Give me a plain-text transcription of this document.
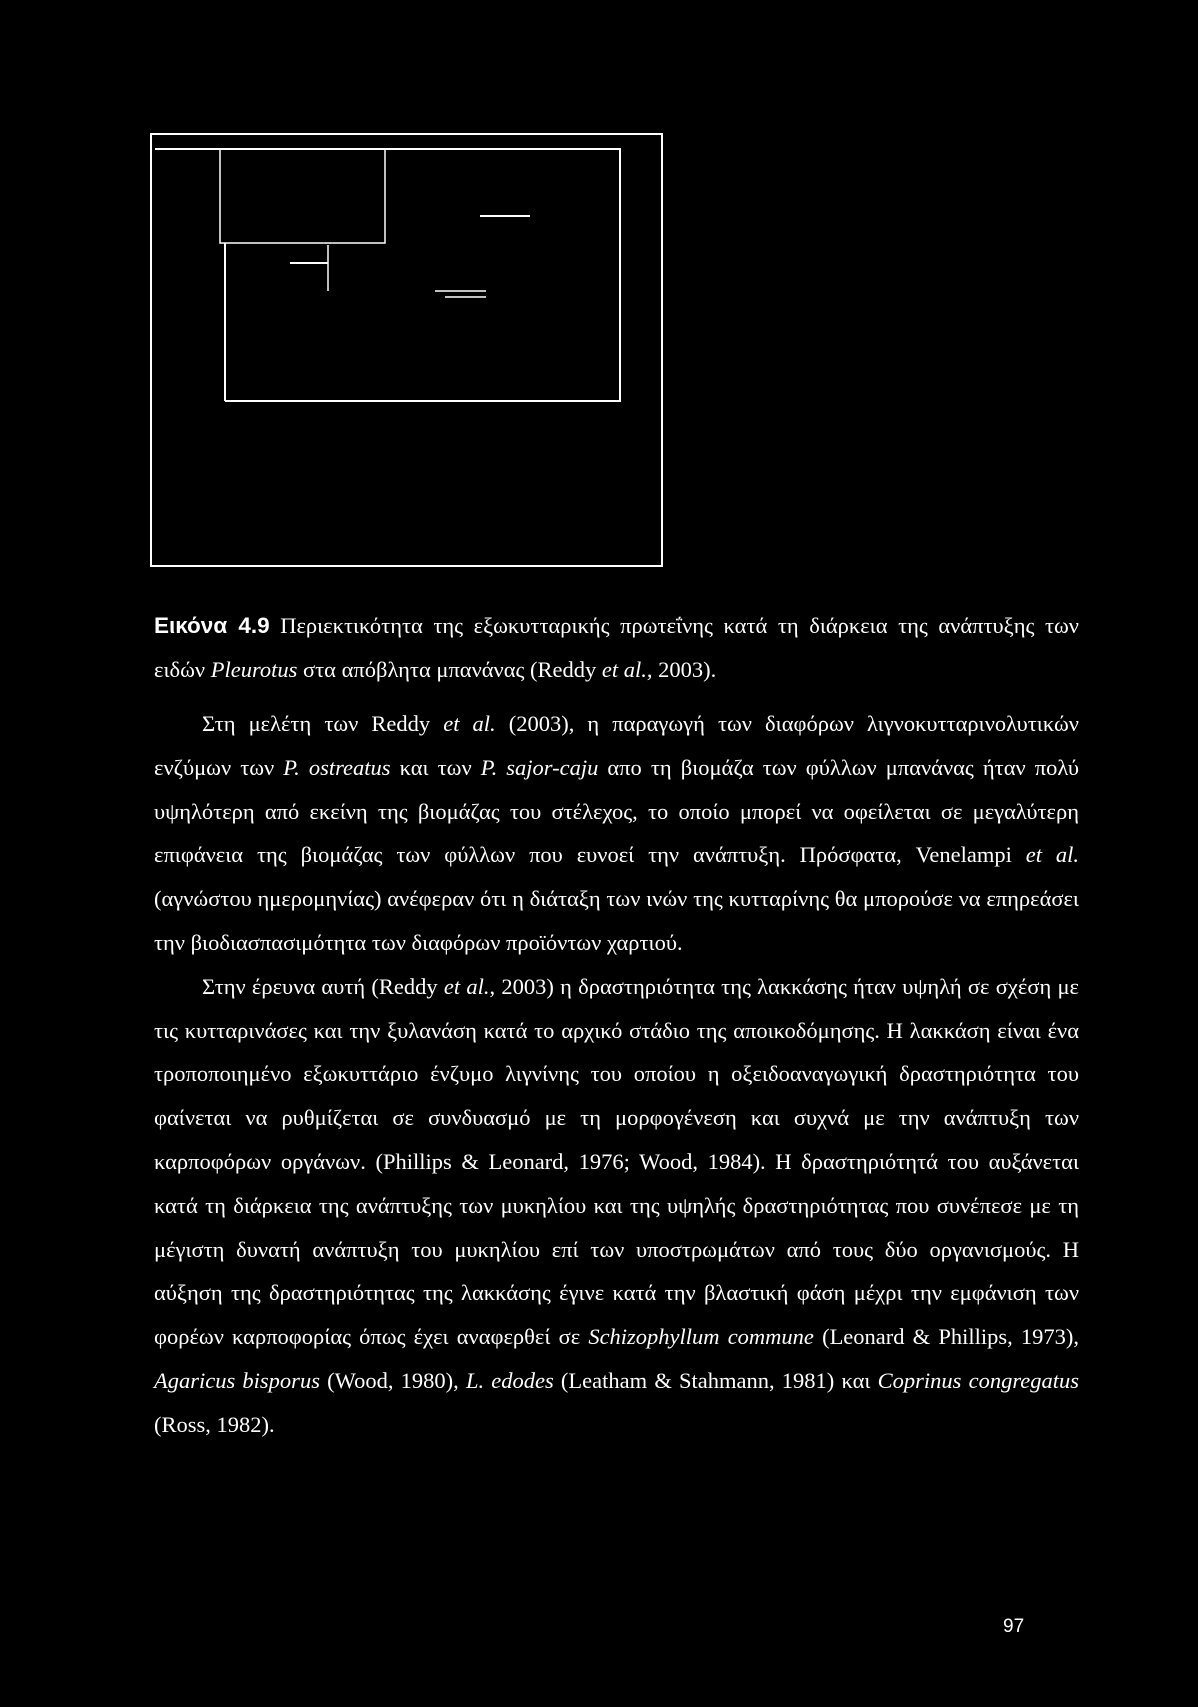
Εικόνα 4.9 Περιεκτικότητα της εξωκυτταρικής πρωτεΐνης κατά τη διάρκεια της ανάπτυξης των ειδών Pleurotus στα απόβλητα μπανάνας (Reddy et al., 2003).

Στη μελέτη των Reddy et al. (2003), η παραγωγή των διαφόρων λιγνοκυτταρινολυτικών ενζύμων των P. ostreatus και των P. sajor-caju απο τη βιομάζα των φύλλων μπανάνας ήταν πολύ υψηλότερη από εκείνη της βιομάζας του στέλεχος, το οποίο μπορεί να οφείλεται σε μεγαλύτερη επιφάνεια της βιομάζας των φύλλων που ευνοεί την ανάπτυξη. Πρόσφατα, Venelampi et al. (αγνώστου ημερομηνίας) ανέφεραν ότι η διάταξη των ινών της κυτταρίνης θα μπορούσε να επηρεάσει την βιοδιασπασιμότητα των διαφόρων προϊόντων χαρτιού.

Στην έρευνα αυτή (Reddy et al., 2003) η δραστηριότητα της λακκάσης ήταν υψηλή σε σχέση με τις κυτταρινάσες και την ξυλανάση κατά το αρχικό στάδιο της αποικοδόμησης. Η λακκάση είναι ένα τροποποιημένο εξωκυττάριο ένζυμο λιγνίνης του οποίου η οξειδοαναγωγική δραστηριότητα του φαίνεται να ρυθμίζεται σε συνδυασμό με τη μορφογένεση και συχνά με την ανάπτυξη των καρποφόρων οργάνων. (Phillips & Leonard, 1976; Wood, 1984). Η δραστηριότητά του αυξάνεται κατά τη διάρκεια της ανάπτυξης των μυκηλίου και της υψηλής δραστηριότητας που συνέπεσε με τη μέγιστη δυνατή ανάπτυξη του μυκηλίου επί των υποστρωμάτων από τους δύο οργανισμούς. Η αύξηση της δραστηριότητας της λακκάσης έγινε κατά την βλαστική φάση μέχρι την εμφάνιση των φορέων καρποφορίας όπως έχει αναφερθεί σε Schizophyllum commune (Leonard & Phillips, 1973), Agaricus bisporus (Wood, 1980), L. edodes (Leatham & Stahmann, 1981) και Coprinus congregatus (Ross, 1982).

97
